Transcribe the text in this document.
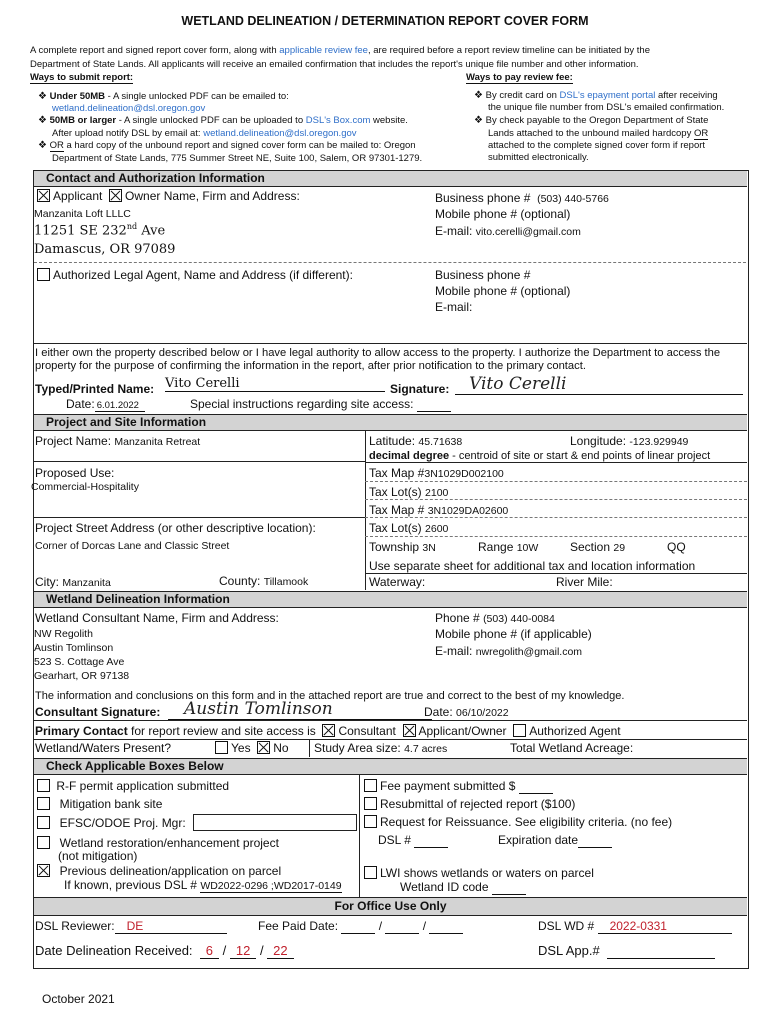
WETLAND DELINEATION / DETERMINATION REPORT COVER FORM
A complete report and signed report cover form, along with applicable review fee, are required before a report review timeline can be initiated by the
Department of State Lands. All applicants will receive an emailed confirmation that includes the report's unique file number and other information.
Ways to submit report:
❖ Under 50MB - A single unlocked PDF can be emailed to:
wetland.delineation@dsl.oregon.gov
❖ 50MB or larger - A single unlocked PDF can be uploaded to DSL's Box.com website.
After upload notify DSL by email at: wetland.delineation@dsl.oregon.gov
❖ OR a hard copy of the unbound report and signed cover form can be mailed to: Oregon
Department of State Lands, 775 Summer Street NE, Suite 100, Salem, OR 97301-1279.
Ways to pay review fee:
❖ By credit card on DSL's epayment portal after receiving
the unique file number from DSL's emailed confirmation.
❖ By check payable to the Oregon Department of State
Lands attached to the unbound mailed hardcopy OR
attached to the complete signed cover form if report
submitted electronically.
Contact and Authorization Information
Applicant Owner Name, Firm and Address:
Manzanita Loft LLLC
11251 SE 232nd Ave
Damascus, OR 97089
Business phone # (503) 440-5766
Mobile phone # (optional)
E-mail: vito.cerelli@gmail.com
Authorized Legal Agent, Name and Address (if different):	Business phone #
Mobile phone # (optional)
E-mail:
I either own the property described below or I have legal authority to allow access to the property. I authorize the Department to access the
property for the purpose of confirming the information in the report, after prior notification to the primary contact.
Typed/Printed Name: Vito Cerelli	Signature:	Vito Cerelli
Date: 6.01.2022	Special instructions regarding site access:
Project and Site Information
Project Name: Manzanita Retreat	Latitude: 45.71638	Longitude: -123.929949
decimal degree - centroid of site or start & end points of linear project
Proposed Use:
Commercial-Hospitality
Tax Map #3N1029D002100
Tax Lot(s) 2100
Tax Map # 3N1029DA02600
Project Street Address (or other descriptive location):	Tax Lot(s) 2600
Corner of Dorcas Lane and Classic Street	Township 3N	Range 10W	Section 29	QQ
Use separate sheet for additional tax and location information
City: Manzanita	County: Tillamook	Waterway:	River Mile:
Wetland Delineation Information
Wetland Consultant Name, Firm and Address:
NW Regolith
Austin Tomlinson
523 S. Cottage Ave
Gearhart, OR 97138
Phone # (503) 440-0084
Mobile phone # (if applicable)
E-mail: nwregolith@gmail.com
The information and conclusions on this form and in the attached report are true and correct to the best of my knowledge.
Consultant Signature:	Austin Tomlinson	Date: 06/10/2022
Primary Contact for report review and site access is Consultant Applicant/Owner Authorized Agent
Wetland/Waters Present?	Yes No Study Area size: 4.7 acres	Total Wetland Acreage:
Check Applicable Boxes Below
R-F permit application submitted
Mitigation bank site
EFSC/ODOE Proj. Mgr:
Wetland restoration/enhancement project
(not mitigation)
Previous delineation/application on parcel
If known, previous DSL # WD2022-0296 ;WD2017-0149
Fee payment submitted $
Resubmittal of rejected report ($100)
Request for Reissuance. See eligibility criteria. (no fee)
DSL #	Expiration date
LWI shows wetlands or waters on parcel
Wetland ID code
For Office Use Only
DSL Reviewer: DE	Fee Paid Date:	/	/	DSL WD # 2022-0331
Date Delineation Received: 6 / 12 / 22	DSL App.#
October 2021
